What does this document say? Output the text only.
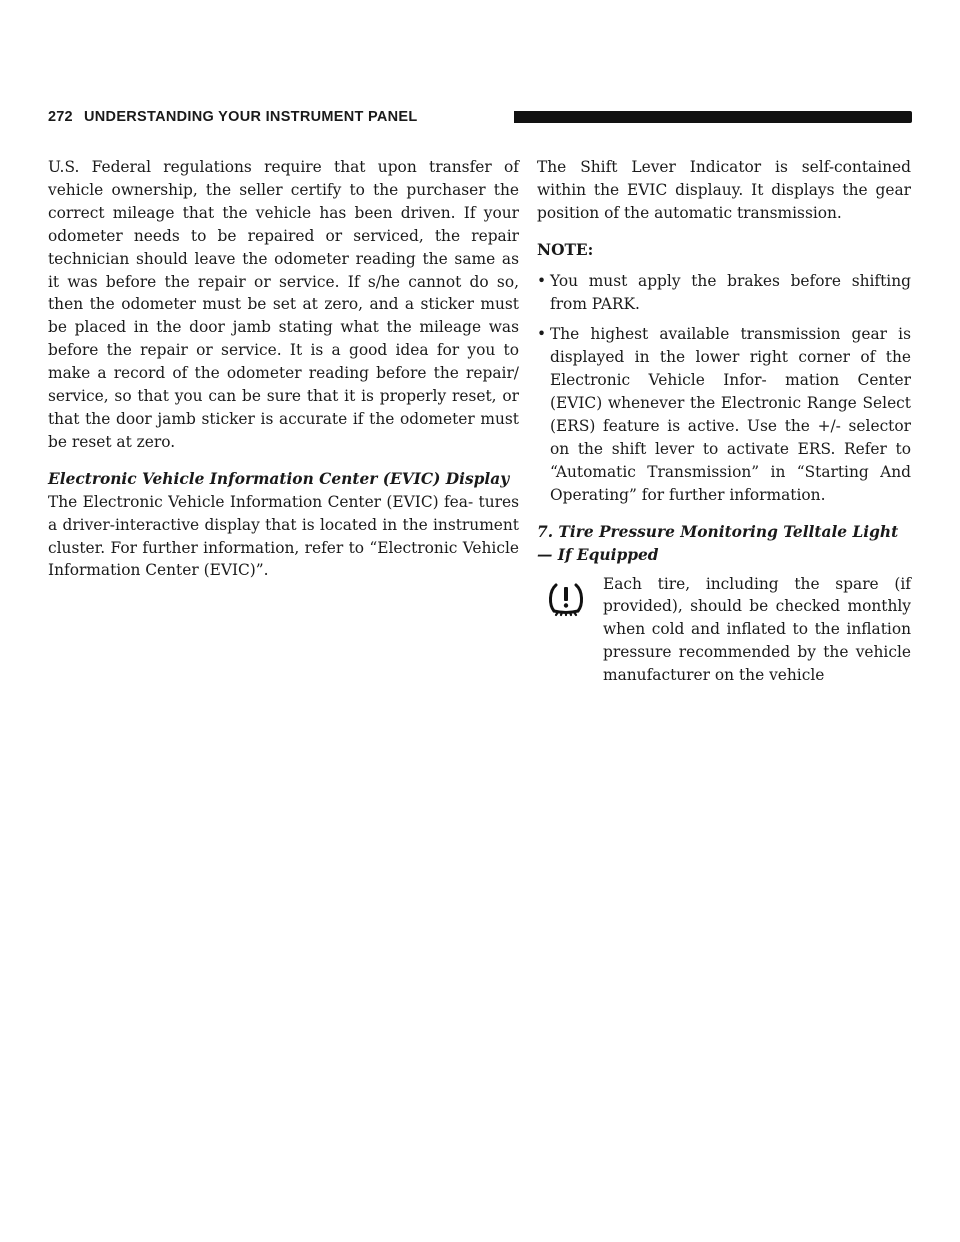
272 UNDERSTANDING YOUR INSTRUMENT PANEL

U.S. Federal regulations require that upon transfer of vehicle ownership, the seller certify to the purchaser the correct mileage that the vehicle has been driven. If your odometer needs to be repaired or serviced, the repair technician should leave the odometer reading the same as it was before the repair or service. If s/he cannot do so, then the odometer must be set at zero, and a sticker must be placed in the door jamb stating what the mileage was before the repair or service. It is a good idea for you to make a record of the odometer reading before the repair/ service, so that you can be sure that it is properly reset, or that the door jamb sticker is accurate if the odometer must be reset at zero.

Electronic Vehicle Information Center (EVIC) Display

The Electronic Vehicle Information Center (EVIC) fea- tures a driver-interactive display that is located in the instrument cluster. For further information, refer to “Electronic Vehicle Information Center (EVIC)”.

The Shift Lever Indicator is self-contained within the EVIC displauy. It displays the gear position of the automatic transmission.

NOTE:

• You must apply the brakes before shifting from PARK.

• The highest available transmission gear is displayed in the lower right corner of the Electronic Vehicle Infor- mation Center (EVIC) whenever the Electronic Range Select (ERS) feature is active. Use the +/- selector on the shift lever to activate ERS. Refer to “Automatic Transmission” in “Starting And Operating” for further information.

7. Tire Pressure Monitoring Telltale Light — If Equipped

Each tire, including the spare (if provided), should be checked monthly when cold and inflated to the inflation pressure recommended by the vehicle manufacturer on the vehicle
